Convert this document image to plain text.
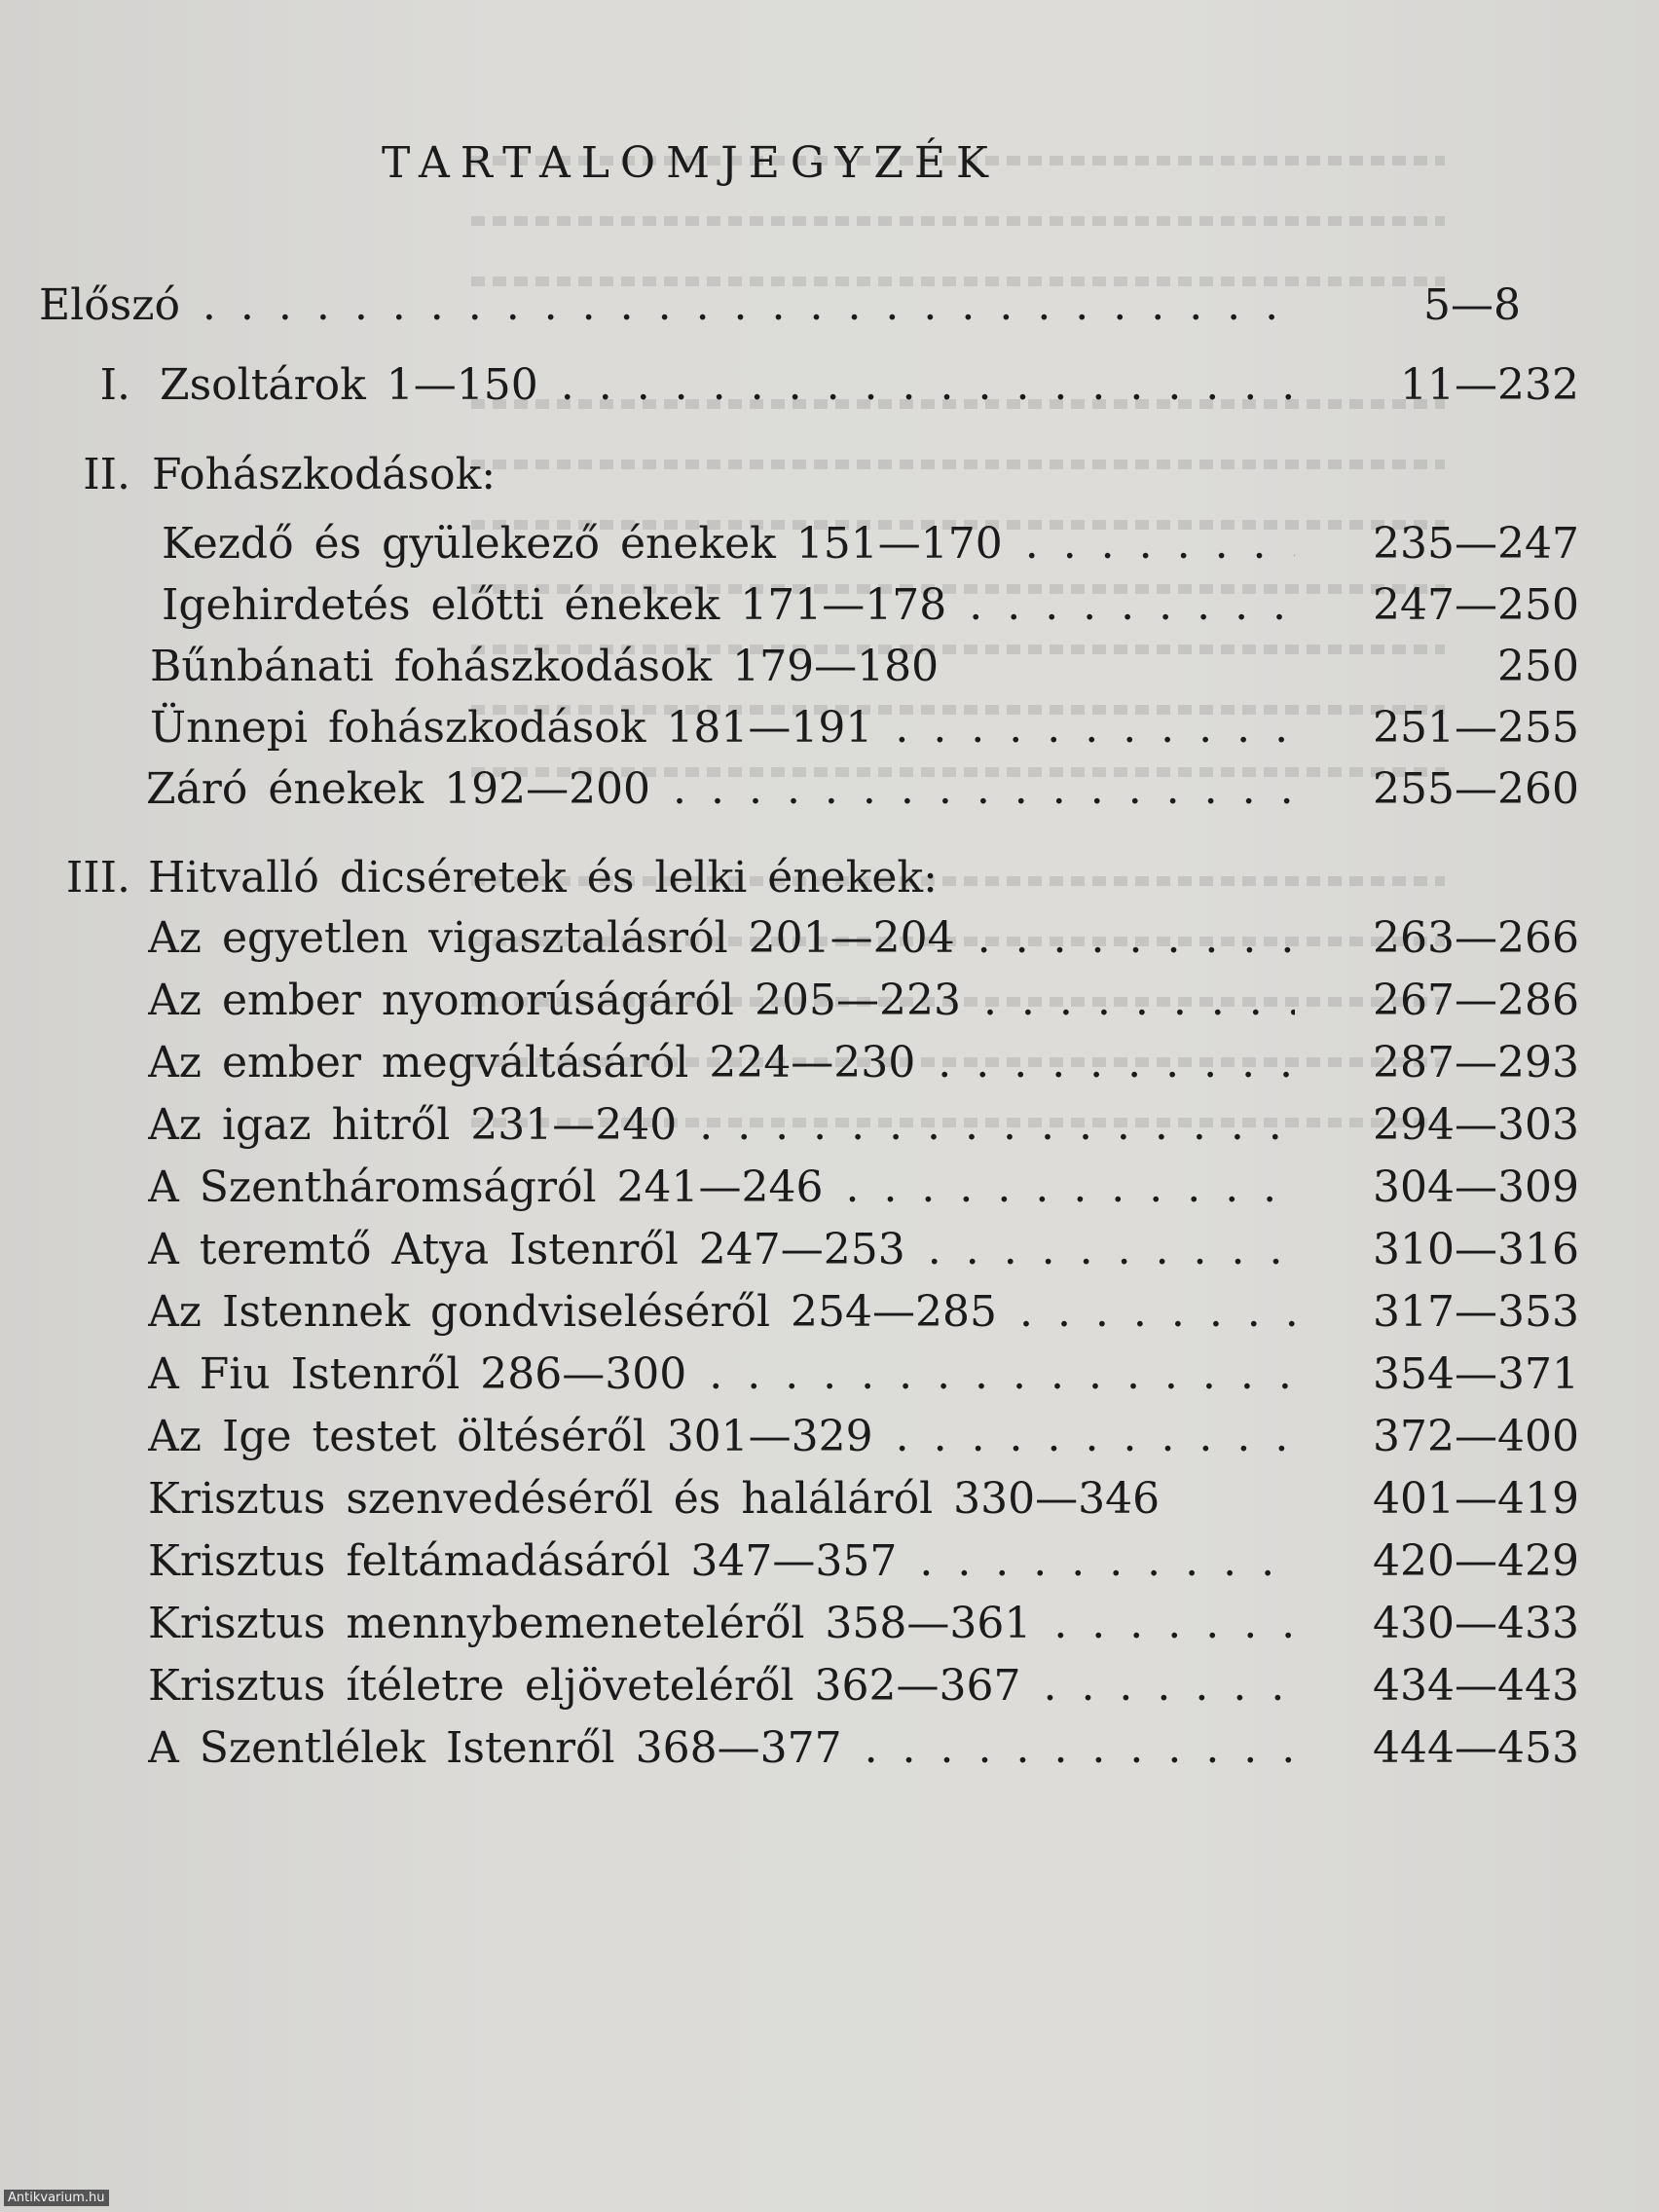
TARTALOMJEGYZÉK
Előszó . . .	5—8
I. Zsoltárok 1—150 . . .	11—232
II. Fohászkodások:
Kezdő és gyülekező énekek 151—170 . . .	235—247
Igehirdetés előtti énekek 171—178 . . .	247—250
Bűnbánati fohászkodások 179—180	250
Ünnepi fohászkodások 181—191 . . .	251—255
Záró énekek 192—200 . . .	255—260
III. Hitvalló dicséretek és lelki énekek:
Az egyetlen vigasztalásról 201—204 . . .	263—266
Az ember nyomorúságáról 205—223 . . .	267—286
Az ember megváltásáról 224—230 . . .	287—293
Az igaz hitről 231—240 . . .	294—303
A Szentháromságról 241—246 . . .	304—309
A teremtő Atya Istenről 247—253 . . .	310—316
Az Istennek gondviseléséről 254—285 . . .	317—353
A Fiu Istenről 286—300 . . .	354—371
Az Ige testet öltéséről 301—329 . . .	372—400
Krisztus szenvedéséről és haláláról 330—346	401—419
Krisztus feltámadásáról 347—357 . . .	420—429
Krisztus mennybemeneteléről 358—361 . . .	430—433
Krisztus ítéletre eljöveteléről 362—367 . . .	434—443
A Szentlélek Istenről 368—377 . . .	444—453
Antikvarium.hu
